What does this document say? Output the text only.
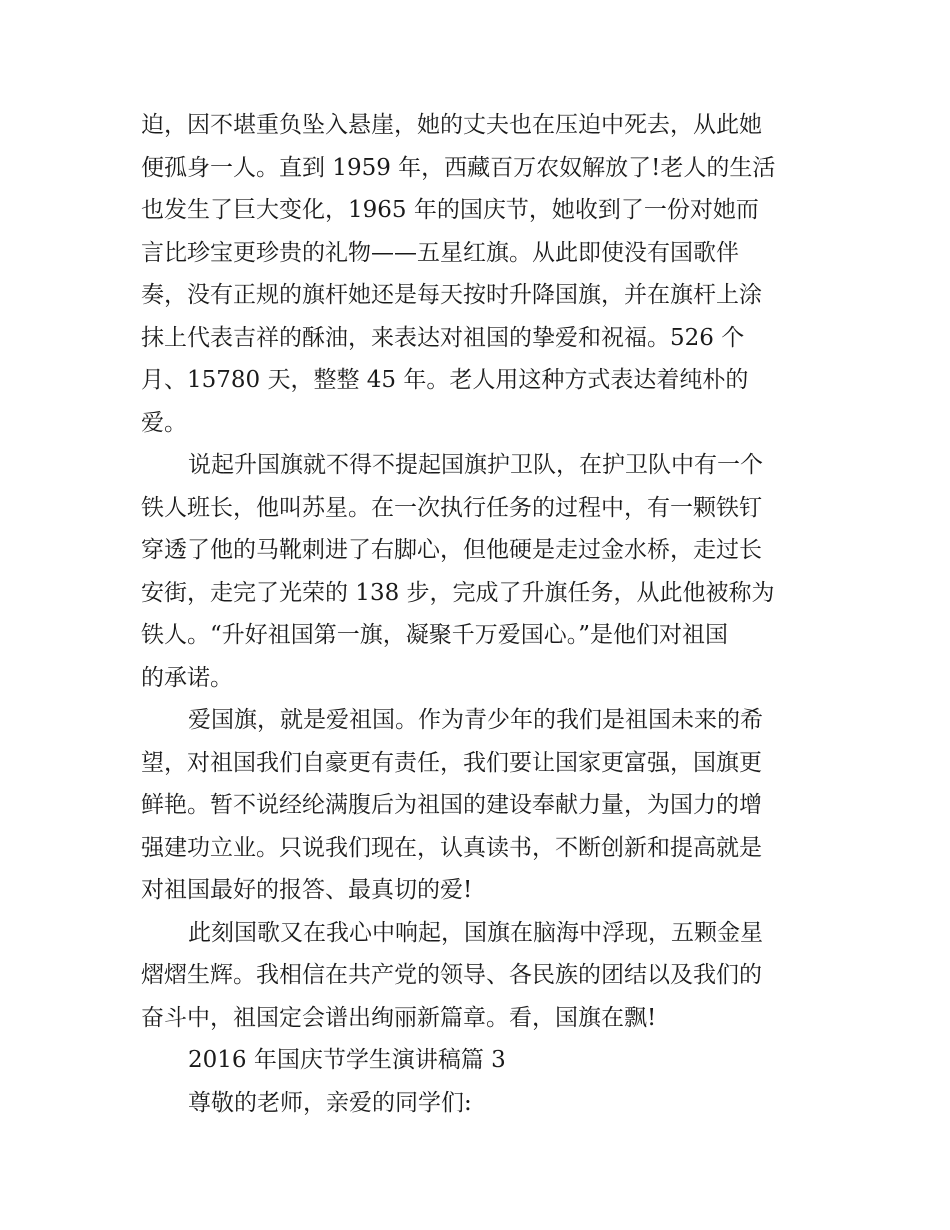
迫，因不堪重负坠入悬崖，她的丈夫也在压迫中死去，从此她
便孤身一人。直到 1959 年，西藏百万农奴解放了!老人的生活
也发生了巨大变化，1965 年的国庆节，她收到了一份对她而
言比珍宝更珍贵的礼物——五星红旗。从此即使没有国歌伴
奏，没有正规的旗杆她还是每天按时升降国旗，并在旗杆上涂
抹上代表吉祥的酥油，来表达对祖国的挚爱和祝福。526 个
月、15780 天，整整 45 年。老人用这种方式表达着纯朴的
爱。
说起升国旗就不得不提起国旗护卫队，在护卫队中有一个
铁人班长，他叫苏星。在一次执行任务的过程中，有一颗铁钉
穿透了他的马靴刺进了右脚心，但他硬是走过金水桥，走过长
安街，走完了光荣的 138 步，完成了升旗任务，从此他被称为
铁人。“升好祖国第一旗，凝聚千万爱国心。”是他们对祖国
的承诺。
爱国旗，就是爱祖国。作为青少年的我们是祖国未来的希
望，对祖国我们自豪更有责任，我们要让国家更富强，国旗更
鲜艳。暂不说经纶满腹后为祖国的建设奉献力量，为国力的增
强建功立业。只说我们现在，认真读书，不断创新和提高就是
对祖国最好的报答、最真切的爱!
此刻国歌又在我心中响起，国旗在脑海中浮现，五颗金星
熠熠生辉。我相信在共产党的领导、各民族的团结以及我们的
奋斗中，祖国定会谱出绚丽新篇章。看，国旗在飘!
2016 年国庆节学生演讲稿篇 3
尊敬的老师，亲爱的同学们:
